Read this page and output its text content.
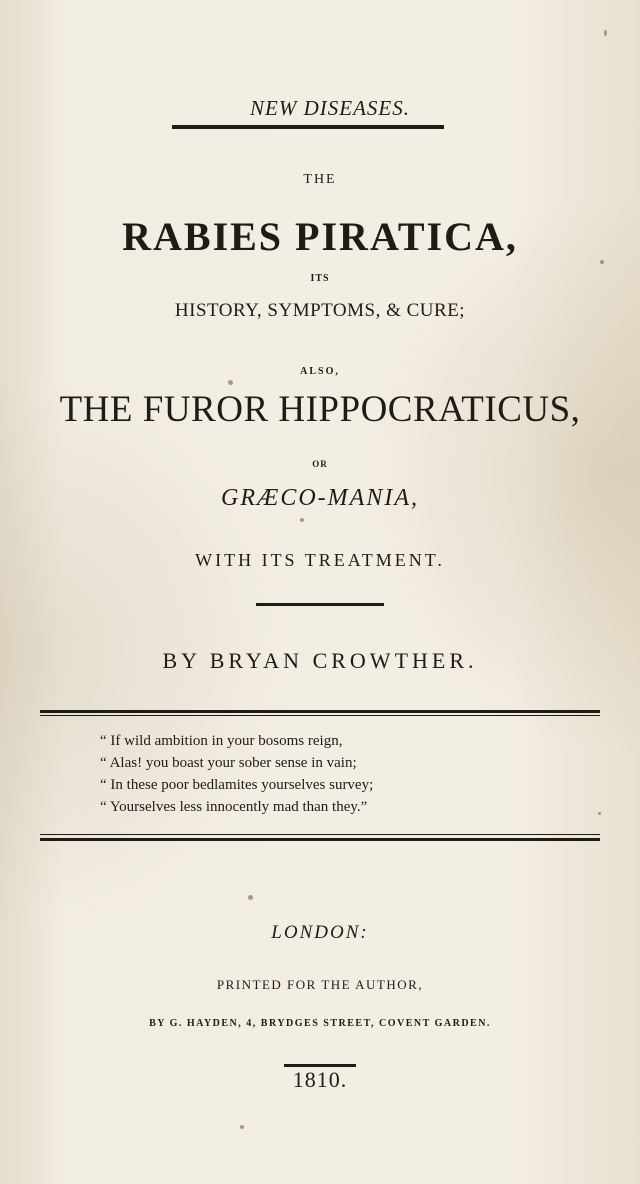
NEW DISEASES.
THE
RABIES PIRATICA,
ITS
HISTORY, SYMPTOMS, & CURE;
ALSO,
THE FUROR HIPPOCRATICUS,
OR
GRÆCO-MANIA,
WITH ITS TREATMENT.
BY BRYAN CROWTHER.
“ If wild ambition in your bosoms reign,
“ Alas! you boast your sober sense in vain;
“ In these poor bedlamites yourselves survey;
“ Yourselves less innocently mad than they.”
LONDON:
PRINTED FOR THE AUTHOR,
BY G. HAYDEN, 4, BRYDGES STREET, COVENT GARDEN.
1810.
